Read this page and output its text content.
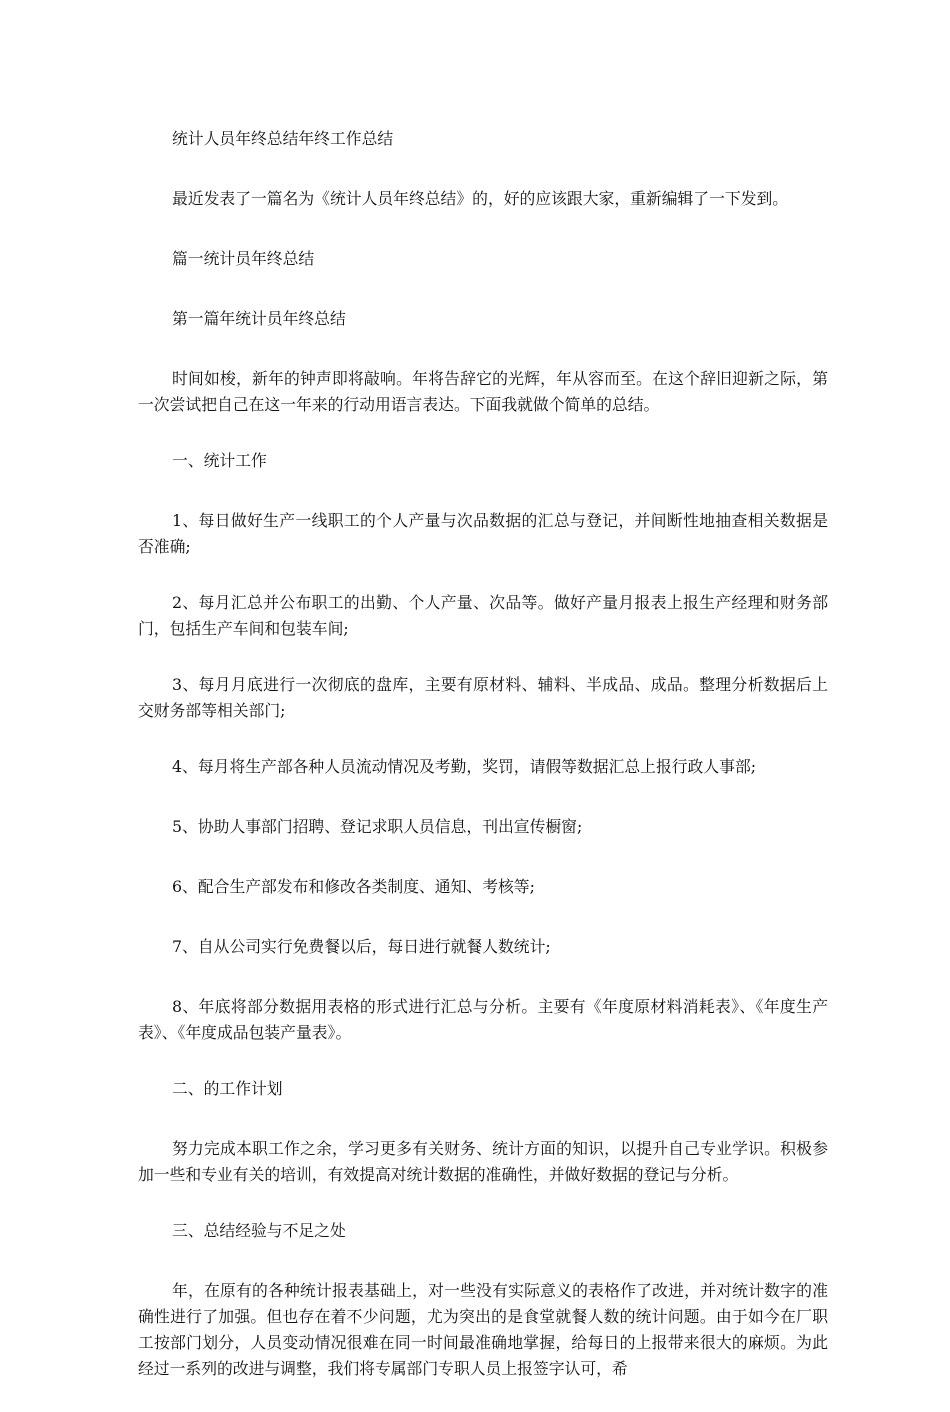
统计人员年终总结年终工作总结

最近发表了一篇名为《统计人员年终总结》的，好的应该跟大家，重新编辑了一下发到。

篇一统计员年终总结

第一篇年统计员年终总结

时间如梭，新年的钟声即将敲响。年将告辞它的光辉，年从容而至。在这个辞旧迎新之际，第一次尝试把自己在这一年来的行动用语言表达。下面我就做个简单的总结。

一、统计工作

1、每日做好生产一线职工的个人产量与次品数据的汇总与登记，并间断性地抽查相关数据是否准确;

2、每月汇总并公布职工的出勤、个人产量、次品等。做好产量月报表上报生产经理和财务部门，包括生产车间和包装车间;

3、每月月底进行一次彻底的盘库，主要有原材料、辅料、半成品、成品。整理分析数据后上交财务部等相关部门;

4、每月将生产部各种人员流动情况及考勤，奖罚，请假等数据汇总上报行政人事部;

5、协助人事部门招聘、登记求职人员信息，刊出宣传橱窗;

6、配合生产部发布和修改各类制度、通知、考核等;

7、自从公司实行免费餐以后，每日进行就餐人数统计;

8、年底将部分数据用表格的形式进行汇总与分析。主要有《年度原材料消耗表》、《年度生产表》、《年度成品包装产量表》。

二、的工作计划

努力完成本职工作之余，学习更多有关财务、统计方面的知识，以提升自己专业学识。积极参加一些和专业有关的培训，有效提高对统计数据的准确性，并做好数据的登记与分析。

三、总结经验与不足之处

年，在原有的各种统计报表基础上，对一些没有实际意义的表格作了改进，并对统计数字的准确性进行了加强。但也存在着不少问题，尤为突出的是食堂就餐人数的统计问题。由于如今在厂职工按部门划分，人员变动情况很难在同一时间最准确地掌握，给每日的上报带来很大的麻烦。为此经过一系列的改进与调整，我们将专属部门专职人员上报签字认可，希
